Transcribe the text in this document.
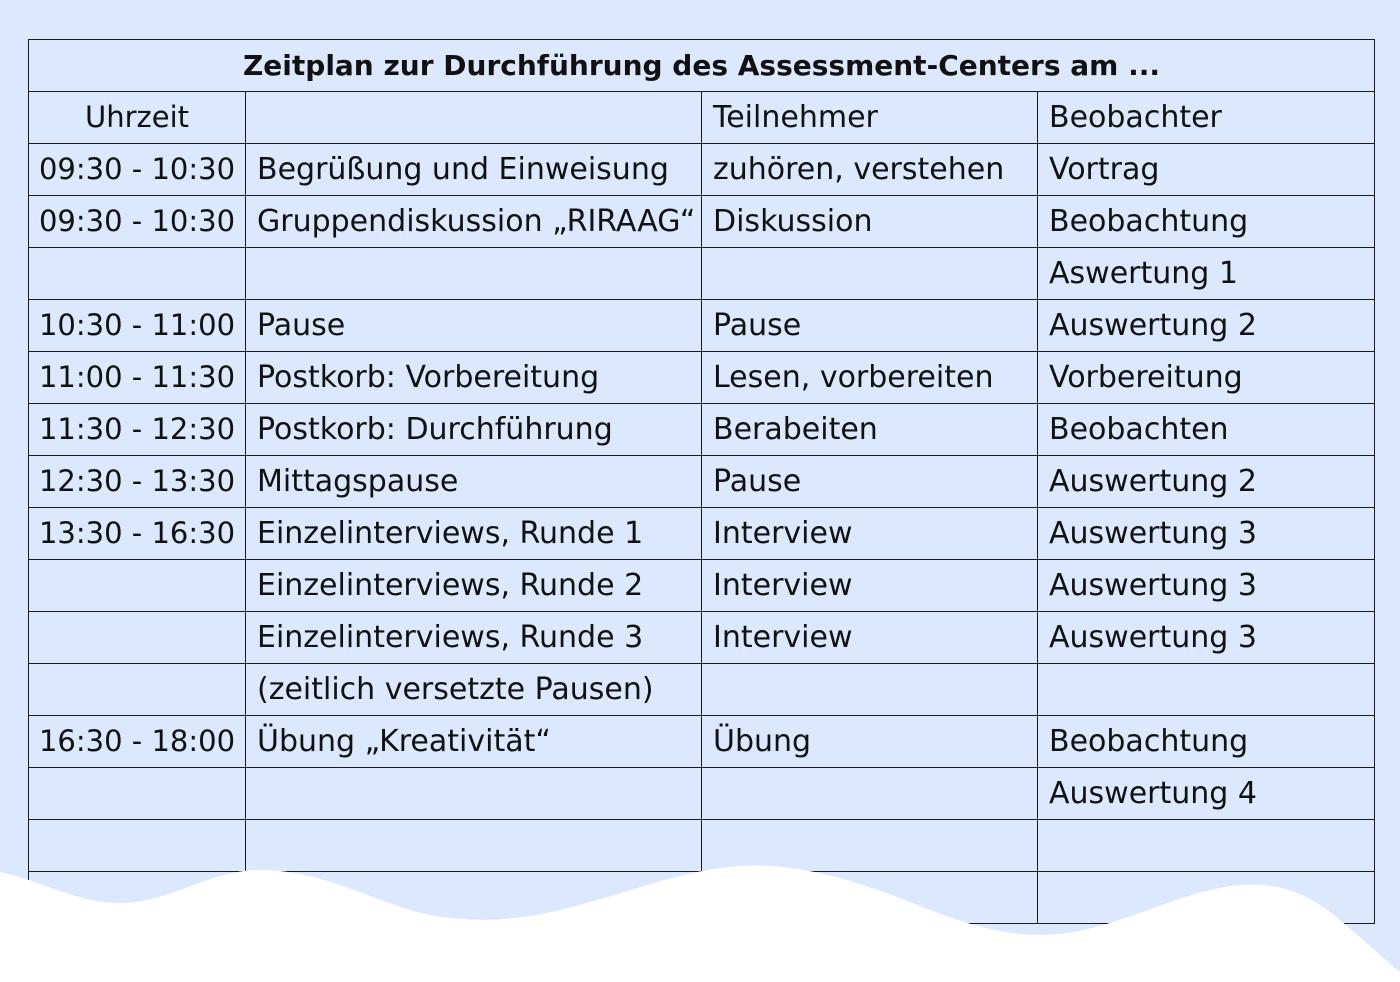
Zeitplan zur Durchführung des Assessment-Centers am ...			
Uhrzeit		Teilnehmer	Beobachter
09:30 - 10:30	Begrüßung und Einweisung	zuhören, verstehen	Vortrag
09:30 - 10:30	Gruppendiskussion „RIRAAG“	Diskussion	Beobachtung
			Aswertung 1
10:30 - 11:00	Pause	Pause	Auswertung 2
11:00 - 11:30	Postkorb: Vorbereitung	Lesen, vorbereiten	Vorbereitung
11:30 - 12:30	Postkorb: Durchführung	Berabeiten	Beobachten
12:30 - 13:30	Mittagspause	Pause	Auswertung 2
13:30 - 16:30	Einzelinterviews, Runde 1	Interview	Auswertung 3
	Einzelinterviews, Runde 2	Interview	Auswertung 3
	Einzelinterviews, Runde 3	Interview	Auswertung 3
	(zeitlich versetzte Pausen)		
16:30 - 18:00	Übung „Kreativität“	Übung	Beobachtung
			Auswertung 4
